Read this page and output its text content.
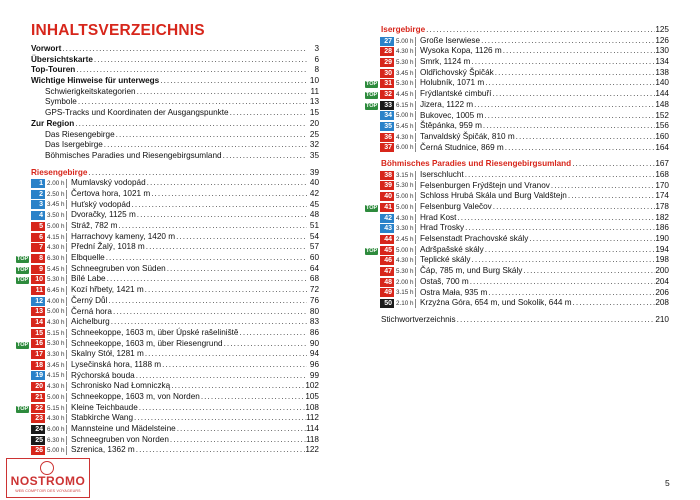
INHALTSVERZEICHNIS
Vorwort . . .	3
Übersichtskarte . . .	6
Top-Touren . . .	8
Wichtige Hinweise für unterwegs . . .	10
Schwierigkeitskategorien . . .	11
Symbole . . .	13
GPS-Tracks und Koordinaten der Ausgangspunkte . . .	15
Zur Region . . .	20
Das Riesengebirge . . .	25
Das Isergebirge . . .	32
Böhmisches Paradies und Riesengebirgsumland . . .	35
Riesengebirge . . .	39
1 2.00 h Mumlavský vodopád . . .	40
2 2.50 h Čertova hora, 1021 m . . .	42
3 3.45 h Huťský vodopád . . .	45
4 3.50 h Dvoračky, 1125 m . . .	48
5 5.00 h Stráž, 782 m . . .	51
6 4.15 h Harrachovy kameny, 1420 m . . .	54
7 4.30 h Přední Žalý, 1018 m . . .	57
TOP	8 6.30 h Elbquelle . . .	60
TOP	9 5.45 h Schneegruben von Süden . . .	64
TOP 10 5.30 h Bílé Labe . . .	68
11 6.45 h Kozí hřbety, 1421 m . . .	72
12 4.00 h Černý Důl . . .	76
13 5.00 h Černá hora . . .	80
14 4.30 h Aichelburg . . .	83
15 5.15 h Schneekoppe, 1603 m, über Úpské rašeliniště . . .	86
TOP 16 5.30 h Schneekoppe, 1603 m, über Riesengrund . . .	90
17 3.30 h Skalny Stół, 1281 m . . .	94
18 3.45 h Lysečinská hora, 1188 m . . .	96
19 4.15 h Rýchorská bouda . . .	99
20 4.30 h Schronisko Nad Łomniczką . . .	102
21 5.00 h Schneekoppe, 1603 m, von Norden . . .	105
TOP 22 5.15 h Kleine Teichbaude . . .	108
23 4.30 h Stabkirche Wang . . .	112
24 6.00 h Mannsteine und Mädelsteine . . .	114
25 6.30 h Schneegruben von Norden . . .	118
26 5.00 h Szrenica, 1362 m . . .	122
Isergebirge . . .	125
27 5.00 h Große Iserwiese . . .	126
28 4.30 h Wysoka Kopa, 1126 m . . .	130
29 5.30 h Smrk, 1124 m . . .	134
30 3.45 h Oldřichovský Špičák . . .	138
TOP 31 5.30 h Holubník, 1071 m . . .	140
TOP 32 4.45 h Frýdlantské cimbuří . . .	144
TOP 33 6.15 h Jizera, 1122 m . . .	148
34 5.00 h Bukovec, 1005 m . . .	152
35 5.45 h Štěpánka, 959 m . . .	156
36 4.30 h Tanvaldský Špičák, 810 m . . .	160
37 6.00 h Černá Studnice, 869 m . . .	164
Böhmisches Paradies und Riesengebirgsumland . . .	167
38 3.15 h Iserschlucht . . .	168
39 5.30 h Felsenburgen Frýdštejn und Vranov . . .	170
40 5.00 h Schloss Hrubá Skála und Burg Valdštejn . . .	174
TOP 41 5.00 h Felsenburg Valečov . . .	178
42 4.30 h Hrad Kost . . .	182
43 3.30 h Hrad Trosky . . .	186
44 2.45 h Felsenstadt Prachovské skály . . .	190
TOP 45 5.00 h Adršpašské skály . . .	194
46 4.30 h Teplické skály . . .	198
47 5.30 h Čáp, 785 m, und Burg Skály . . .	200
48 2.00 h Ostaš, 700 m . . .	204
49 3.15 h Ostra Mała, 935 m . . .	206
50 2.10 h Krzyżna Góra, 654 m, und Sokolik, 644 m . . .	208
Stichwortverzeichnis . . .	210
NOSTROMO
WEB COMPTOIR DES VOYAGEURS
5
